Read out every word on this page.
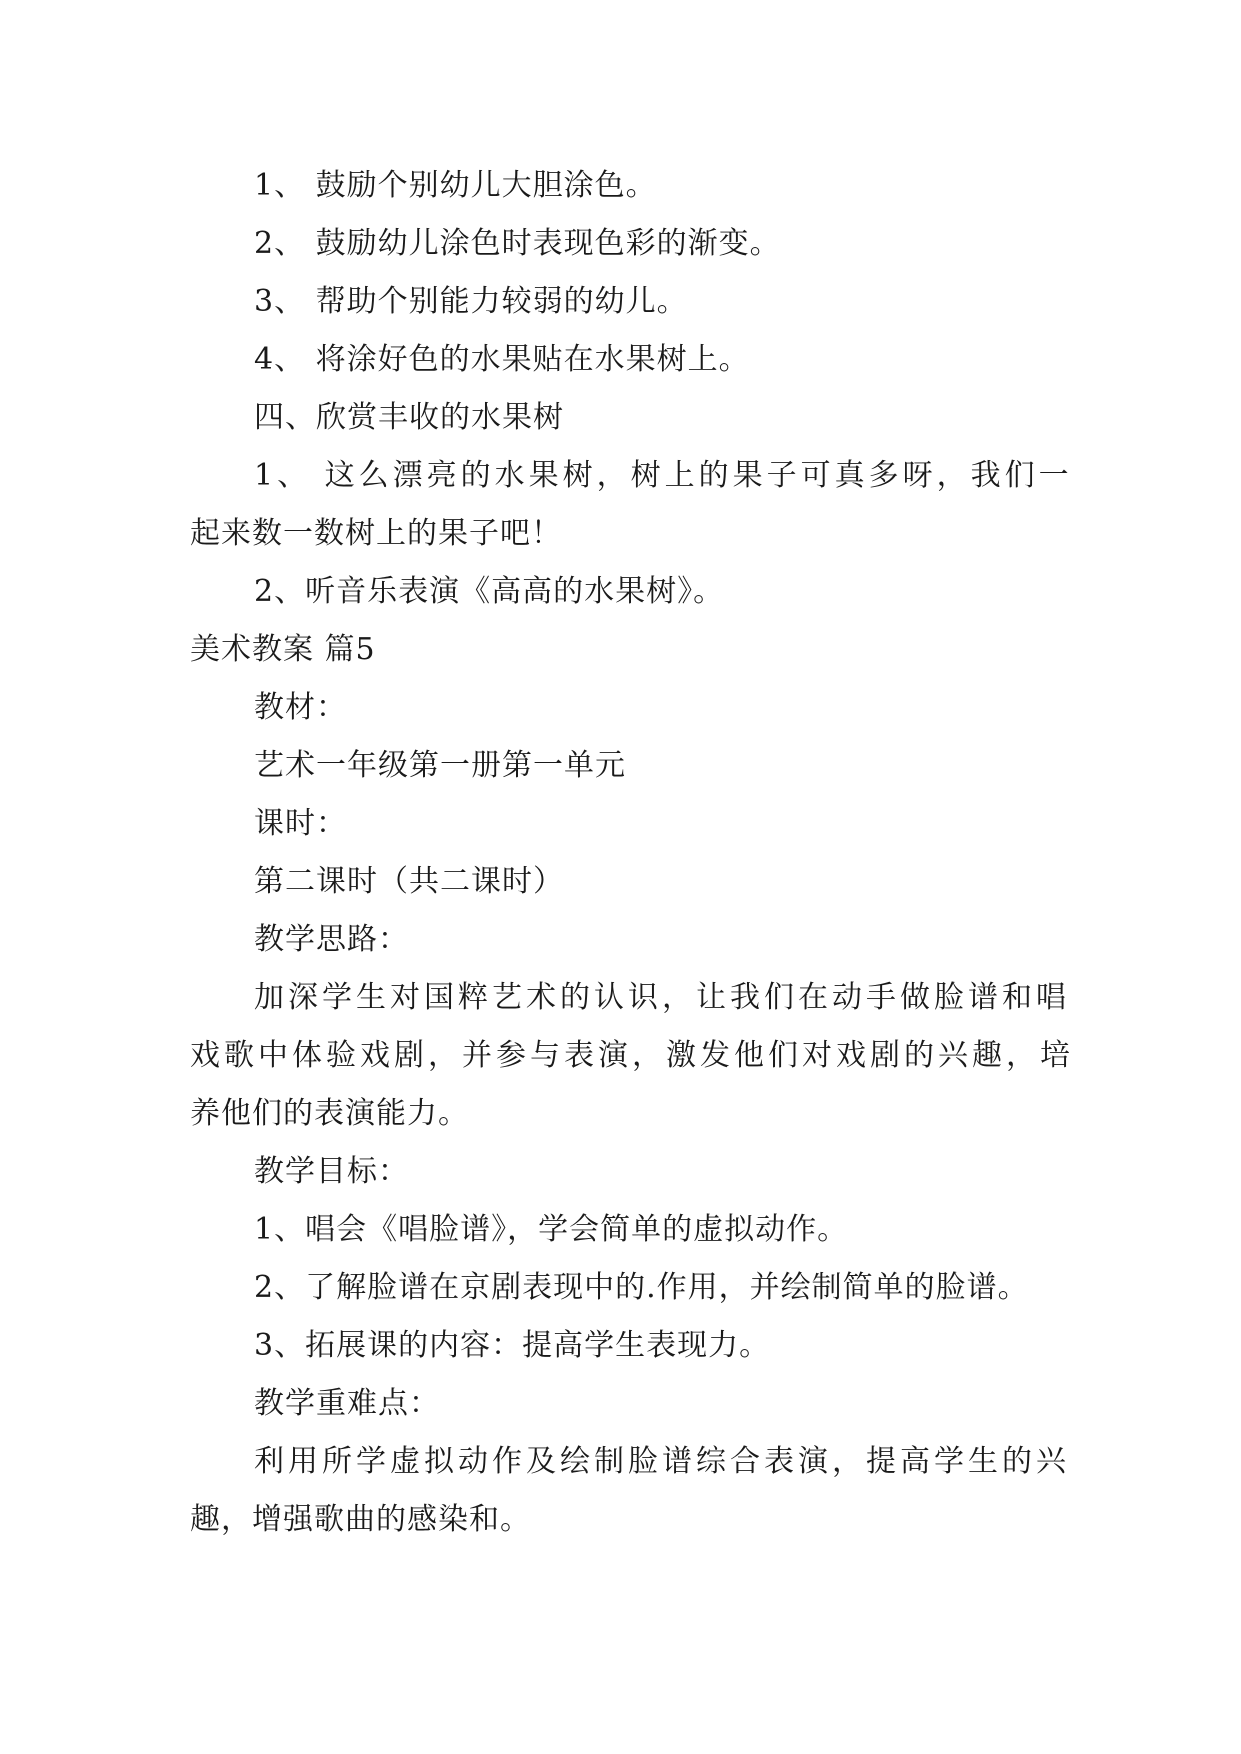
1、 鼓励个别幼儿大胆涂色。

2、 鼓励幼儿涂色时表现色彩的渐变。

3、 帮助个别能力较弱的幼儿。

4、 将涂好色的水果贴在水果树上。

四、欣赏丰收的水果树

1、 这么漂亮的水果树，树上的果子可真多呀，我们一

起来数一数树上的果子吧！

2、听音乐表演《高高的水果树》。

美术教案 篇5

教材：

艺术一年级第一册第一单元

课时：

第二课时（共二课时）

教学思路：

加深学生对国粹艺术的认识，让我们在动手做脸谱和唱

戏歌中体验戏剧，并参与表演，激发他们对戏剧的兴趣，培

养他们的表演能力。

教学目标：

1、唱会《唱脸谱》，学会简单的虚拟动作。

2、了解脸谱在京剧表现中的.作用，并绘制简单的脸谱。

3、拓展课的内容：提高学生表现力。

教学重难点：

利用所学虚拟动作及绘制脸谱综合表演，提高学生的兴

趣，增强歌曲的感染和。
